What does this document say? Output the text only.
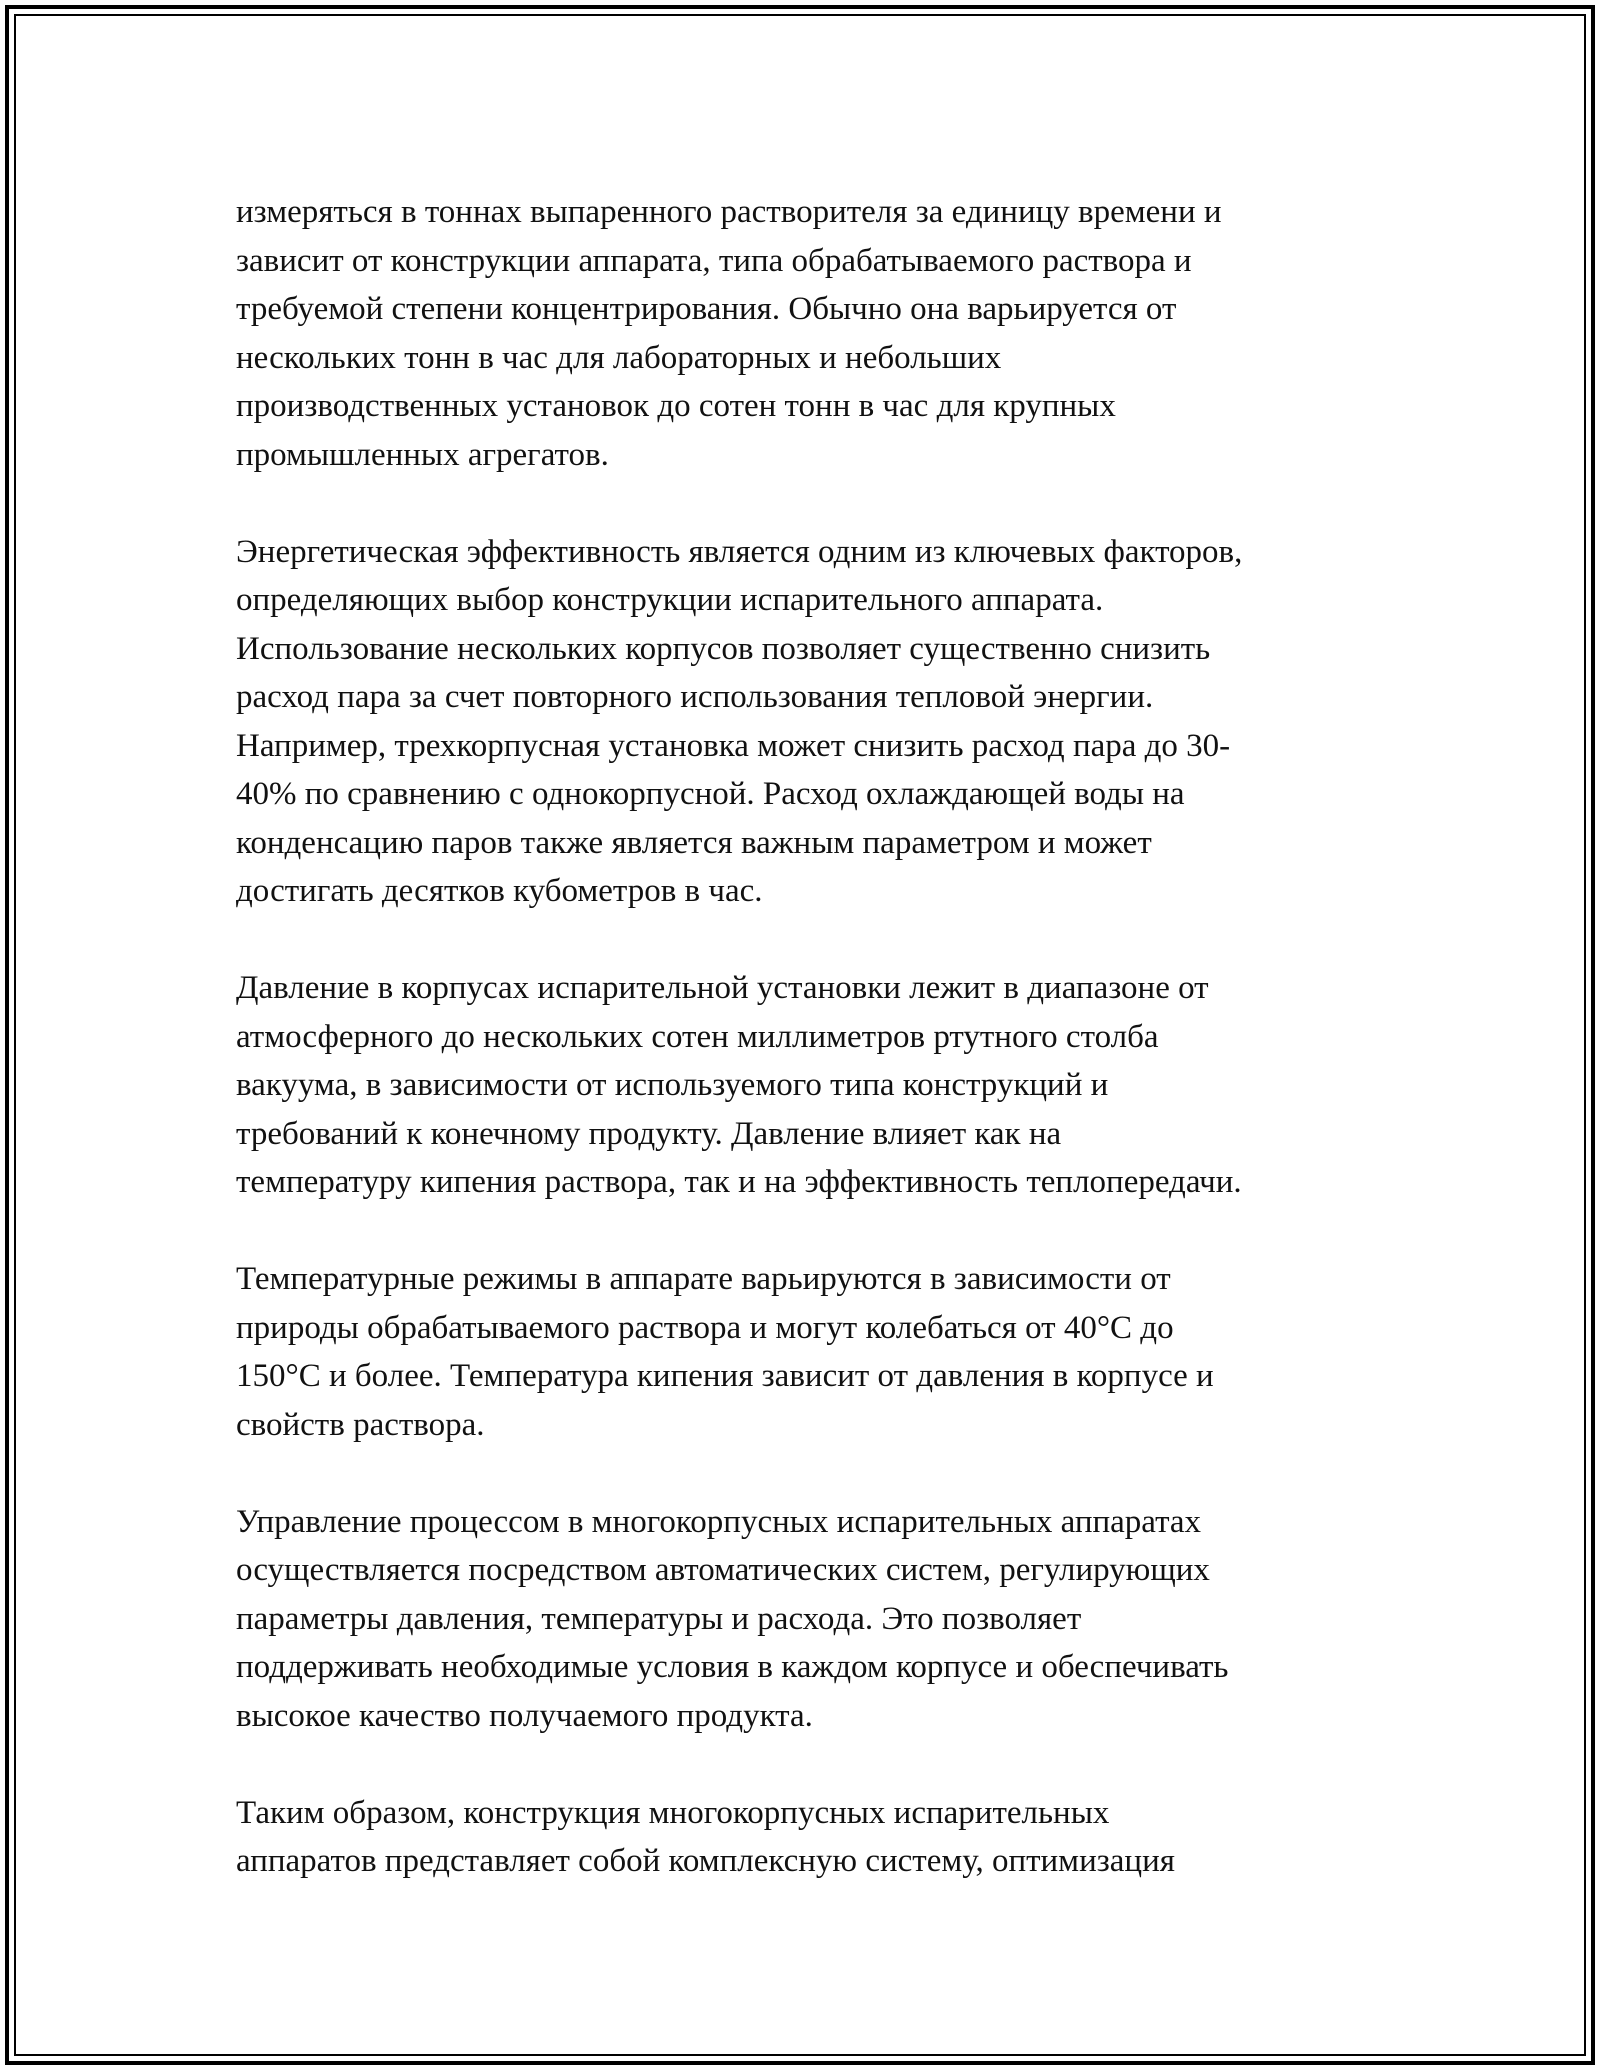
измеряться в тоннах выпаренного растворителя за единицу времени и
зависит от конструкции аппарата, типа обрабатываемого раствора и
требуемой степени концентрирования. Обычно она варьируется от
нескольких тонн в час для лабораторных и небольших
производственных установок до сотен тонн в час для крупных
промышленных агрегатов.

Энергетическая эффективность является одним из ключевых факторов,
определяющих выбор конструкции испарительного аппарата.
Использование нескольких корпусов позволяет существенно снизить
расход пара за счет повторного использования тепловой энергии.
Например, трехкорпусная установка может снизить расход пара до 30-
40% по сравнению с однокорпусной. Расход охлаждающей воды на
конденсацию паров также является важным параметром и может
достигать десятков кубометров в час.

Давление в корпусах испарительной установки лежит в диапазоне от
атмосферного до нескольких сотен миллиметров ртутного столба
вакуума, в зависимости от используемого типа конструкций и
требований к конечному продукту. Давление влияет как на
температуру кипения раствора, так и на эффективность теплопередачи.

Температурные режимы в аппарате варьируются в зависимости от
природы обрабатываемого раствора и могут колебаться от 40°C до
150°C и более. Температура кипения зависит от давления в корпусе и
свойств раствора.

Управление процессом в многокорпусных испарительных аппаратах
осуществляется посредством автоматических систем, регулирующих
параметры давления, температуры и расхода. Это позволяет
поддерживать необходимые условия в каждом корпусе и обеспечивать
высокое качество получаемого продукта.

Таким образом, конструкция многокорпусных испарительных
аппаратов представляет собой комплексную систему, оптимизация
